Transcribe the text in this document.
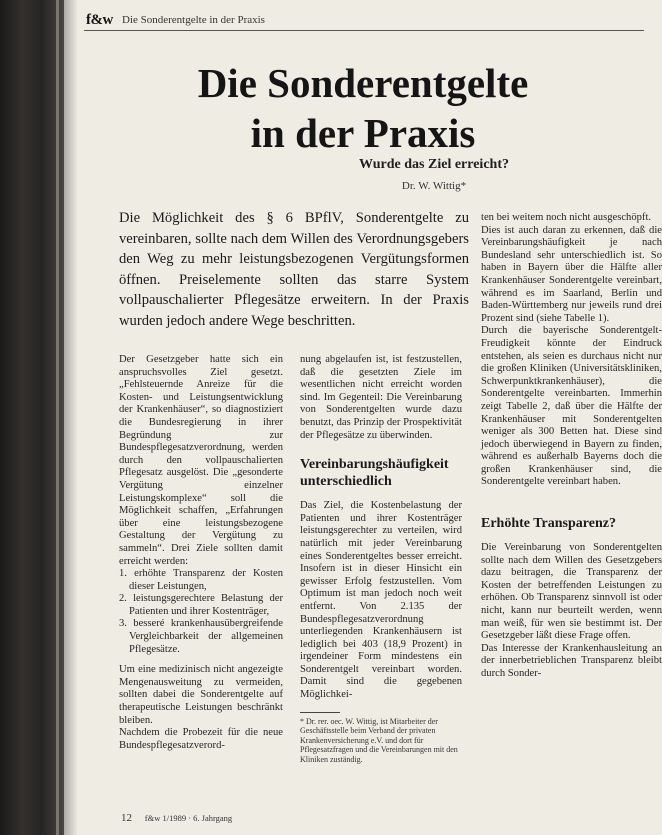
f&w Die Sonderentgelte in der Praxis
Die Sonderentgelte
in der Praxis
Wurde das Ziel erreicht?
Dr. W. Wittig*

Die Möglichkeit des § 6 BPflV, Sonderentgelte zu vereinbaren, sollte nach dem Willen des Verordnungsgebers den Weg zu mehr leistungsbezogenen Vergütungsformen öffnen. Preiselemente sollten das starre System vollpauschalierter Pflegesätze erweitern. In der Praxis wurden jedoch andere Wege beschritten.

Der Gesetzgeber hatte sich ein anspruchsvolles Ziel gesetzt. „Fehlsteuernde Anreize für die Kosten- und Leistungsentwicklung der Krankenhäuser“, so diagnostiziert die Bundesregierung in ihrer Begründung zur Bundespflegesatzverordnung, werden durch den vollpauschalierten Pflegesatz ausgelöst. Die „gesonderte Vergütung einzelner Leistungskomplexe“ soll die Möglichkeit schaffen, „Erfahrungen über eine leistungsbezogene Gestaltung der Vergütung zu sammeln“. Drei Ziele sollten damit erreicht werden:

1. erhöhte Transparenz der Kosten dieser Leistungen,
2. leistungsgerechtere Belastung der Patienten und ihrer Kostenträger,
3. besseré krankenhausübergreifende Vergleichbarkeit der allgemeinen Pflegesätze.

Um eine medizinisch nicht angezeigte Mengenausweitung zu vermeiden, sollten dabei die Sonderentgelte auf therapeutische Leistungen beschränkt bleiben.

Nachdem die Probezeit für die neue Bundespflegesatzverord-

nung abgelaufen ist, ist festzustellen, daß die gesetzten Ziele im wesentlichen nicht erreicht worden sind. Im Gegenteil: Die Vereinbarung von Sonderentgelten wurde dazu benutzt, das Prinzip der Prospektivität der Pflegesätze zu überwinden.

Vereinbarungshäufigkeit unterschiedlich

Das Ziel, die Kostenbelastung der Patienten und ihrer Kostenträger leistungsgerechter zu verteilen, wird natürlich mit jeder Vereinbarung eines Sonderentgeltes besser erreicht. Insofern ist in dieser Hinsicht ein gewisser Erfolg festzustellen. Vom Optimum ist man jedoch noch weit entfernt. Von 2.135 der Bundespflegesatzverordnung unterliegenden Krankenhäusern ist lediglich bei 403 (18,9 Prozent) in irgendeiner Form mindestens ein Sonderentgelt vereinbart worden. Damit sind die gegebenen Möglichkei-

* Dr. rer. oec. W. Wittig, ist Mitarbeiter der Geschäftsstelle beim Verband der privaten Krankenversicherung e.V. und dort für Pflegesatzfragen und die Vereinbarungen mit den Kliniken zuständig.

ten bei weitem noch nicht ausgeschöpft.

Dies ist auch daran zu erkennen, daß die Vereinbarungshäufigkeit je nach Bundesland sehr unterschiedlich ist. So haben in Bayern über die Hälfte aller Krankenhäuser Sonderentgelte vereinbart, während es im Saarland, Berlin und Baden-Württemberg nur jeweils rund drei Prozent sind (siehe Tabelle 1).

Durch die bayerische Sonderentgelt-Freudigkeit könnte der Eindruck entstehen, als seien es durchaus nicht nur die großen Kliniken (Universitätskliniken, Schwerpunktkrankenhäuser), die Sonderentgelte vereinbarten. Immerhin zeigt Tabelle 2, daß über die Hälfte der Krankenhäuser mit Sonderentgelten weniger als 300 Betten hat. Diese sind jedoch überwiegend in Bayern zu finden, während es außerhalb Bayerns doch die großen Krankenhäuser sind, die Sonderentgelte vereinbart haben.

Erhöhte Transparenz?

Die Vereinbarung von Sonderentgelten sollte nach dem Willen des Gesetzgebers dazu beitragen, die Transparenz der Kosten der betreffenden Leistungen zu erhöhen. Ob Transparenz sinnvoll ist oder nicht, kann nur beurteilt werden, wenn man weiß, für wen sie bestimmt ist. Der Gesetzgeber läßt diese Frage offen.

Das Interesse der Krankenhausleitung an der innerbetrieblichen Transparenz bleibt durch Sonder-

12 f&w 1/1989 · 6. Jahrgang
